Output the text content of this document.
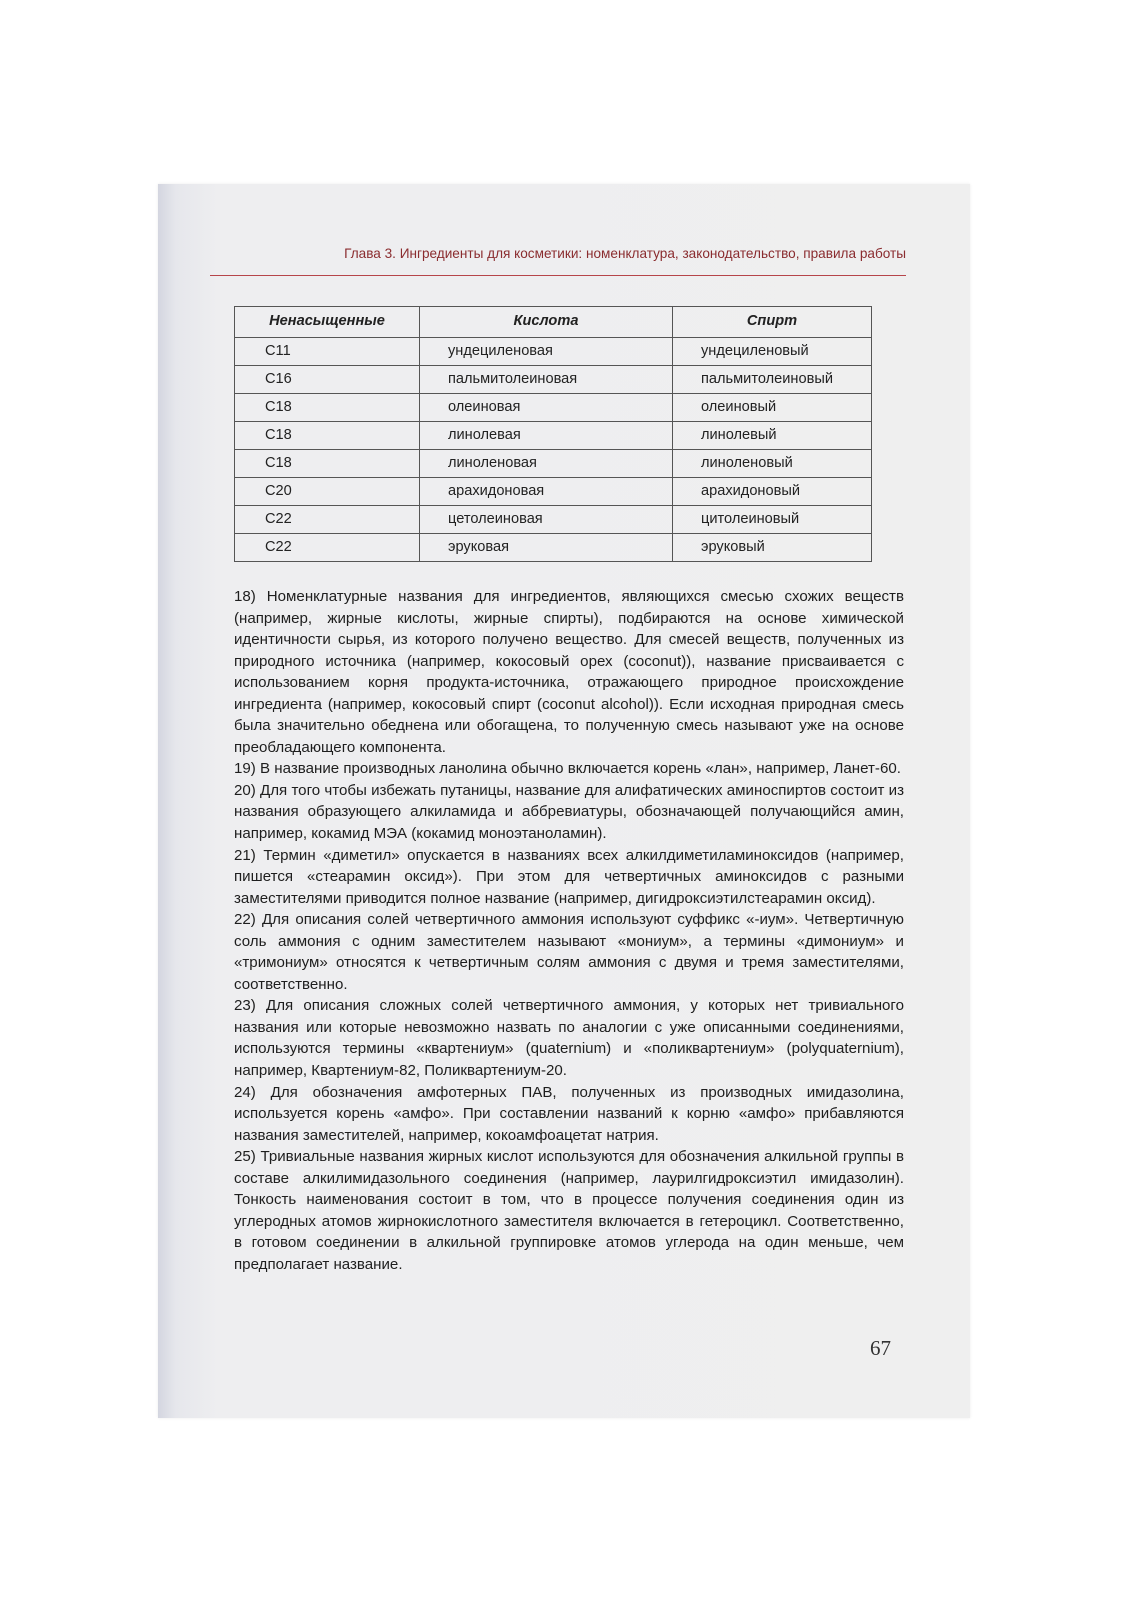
Глава 3. Ингредиенты для косметики: номенклатура, законодательство, правила работы
Ненасыщенные	Кислота	Спирт
C11	ундециленовая	ундециленовый
C16	пальмитолеиновая	пальмитолеиновый
C18	олеиновая	олеиновый
C18	линолевая	линолевый
C18	линоленовая	линоленовый
C20	арахидоновая	арахидоновый
C22	цетолеиновая	цитолеиновый
C22	эруковая	эруковый

18) Номенклатурные названия для ингредиентов, являющихся смесью схожих веществ (например, жирные кислоты, жирные спирты), подбираются на основе химической идентичности сырья, из которого получено вещество. Для смесей веществ, полученных из природного источника (например, кокосовый орех (coconut)), название присваивается с использованием корня продукта-источника, отражающего природное происхождение ингредиента (например, кокосовый спирт (coconut alcohol)). Если исходная природная смесь была значительно обеднена или обогащена, то полученную смесь называют уже на основе преобладающего компонента.

19) В название производных ланолина обычно включается корень «лан», например, Ланет-60.

20) Для того чтобы избежать путаницы, название для алифатических аминоспиртов состоит из названия образующего алкиламида и аббревиатуры, обозначающей получающийся амин, например, кокамид МЭА (кокамид моноэтаноламин).

21) Термин «диметил» опускается в названиях всех алкилдиметиламиноксидов (например, пишется «стеарамин оксид»). При этом для четвертичных аминоксидов с разными заместителями приводится полное название (например, дигидроксиэтилстеарамин оксид).

22) Для описания солей четвертичного аммония используют суффикс «-иум». Четвертичную соль аммония с одним заместителем называют «мониум», а термины «димониум» и «тримониум» относятся к четвертичным солям аммония с двумя и тремя заместителями, соответственно.

23) Для описания сложных солей четвертичного аммония, у которых нет тривиального названия или которые невозможно назвать по аналогии с уже описанными соединениями, используются термины «квартениум» (quaternium) и «поликвартениум» (polyquaternium), например, Квартениум-82, Поликвартениум-20.

24) Для обозначения амфотерных ПАВ, полученных из производных имидазолина, используется корень «амфо». При составлении названий к корню «амфо» прибавляются названия заместителей, например, кокоамфоацетат натрия.

25) Тривиальные названия жирных кислот используются для обозначения алкильной группы в составе алкилимидазольного соединения (например, лаурилгидроксиэтил имидазолин). Тонкость наименования состоит в том, что в процессе получения соединения один из углеродных атомов жирнокислотного заместителя включается в гетероцикл. Соответственно, в готовом соединении в алкильной группировке атомов углерода на один меньше, чем предполагает название.

67
